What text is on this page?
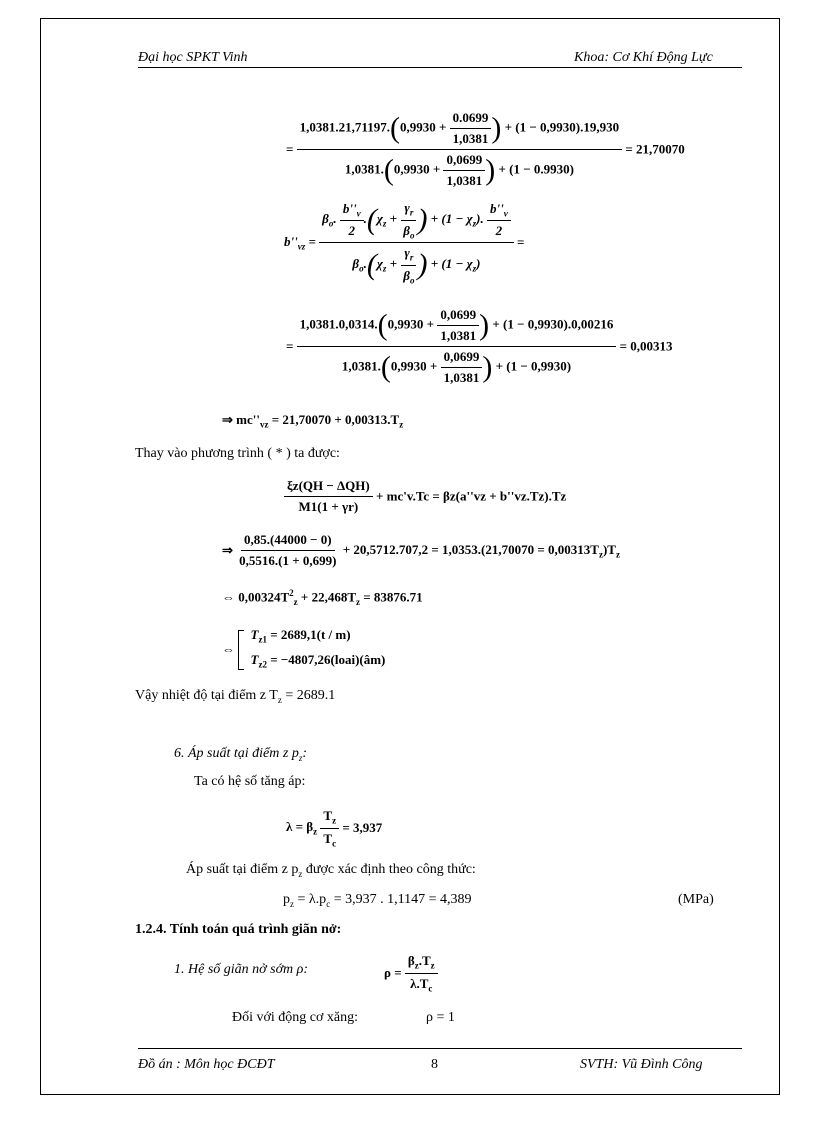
Đại học SPKT Vinh	Khoa: Cơ Khí Động Lực
=
$1,0381.21,71197.(0,9930 + \frac{0.0699}{1,0381}$ ) + (1 − 0,9930).19,930
$1,0381.(0,9930 + \frac{0,0699}{1,0381}$ ) + (1 − 0.9930)
= 21,70070
$b''_{vz}$ =
$\beta_o$. $\frac{b''_v}{2} .(\chi_z + \frac{\gamma_r}{\beta_o}$ ) + $(1 - \chi_z)$. $\frac{b''_v}{2}$
$\beta_o.(\chi_z + \frac{\gamma_r}{\beta_o}$ ) + $(1 - \chi_z)$
=
=
$1,0381.0,0314.(0,9930 + \frac{0,0699}{1,0381}$ ) + (1 − 0,9930).0,00216
$1,0381.(0,9930 + \frac{0,0699}{1,0381}$ ) + (1 − 0,9930)
= 0,00313
⇒ $mc''_{vz} = 21,70070 + 0,00313.T_z$
Thay vào phương trình ( * ) ta được:
$\frac{\text{ξz(QH − ΔQH)}}{M1(1 + \gamma r)} + mc'v.Tc = \beta z(a''vz + b''vz.Tz).Tz$
⇒ $\frac{0,85.(44000 - 0)}{0,5516.(1 + 0,699)} + 20,5712.707,2 = 1,0353.(21,70070 = 0,00313T_z)T_z$
⇔ $0,00324T^2_z + 22,468T_z = 83876.71$
⇔
$T_{z1} = 2689,1(t / m)$
$T_{z2}$ = −4807,26(loai)(âm)
Vậy nhiệt độ tại điểm z $T_z = 2689.1$
6. Áp suất tại điểm z $p_z$:
Ta có hệ số tăng áp:
$\lambda = \beta_z \frac{T_z}{T_c} = 3,937$
Áp suất tại điểm z $p_z$ được xác định theo công thức:
$p_z = \lambda.p_c = 3,937$ . 1,1147 = 4,389	(MPa)
1.2.4. Tính toán quá trình giãn nở:
1. Hệ số giãn nở sớm ρ:	$\rho = \frac{\beta_z.T_z}{\lambda.T_c}$
Đối với động cơ xăng:	ρ = 1
Đồ án : Môn học ĐCĐT	8	SVTH: Vũ Đình Công
